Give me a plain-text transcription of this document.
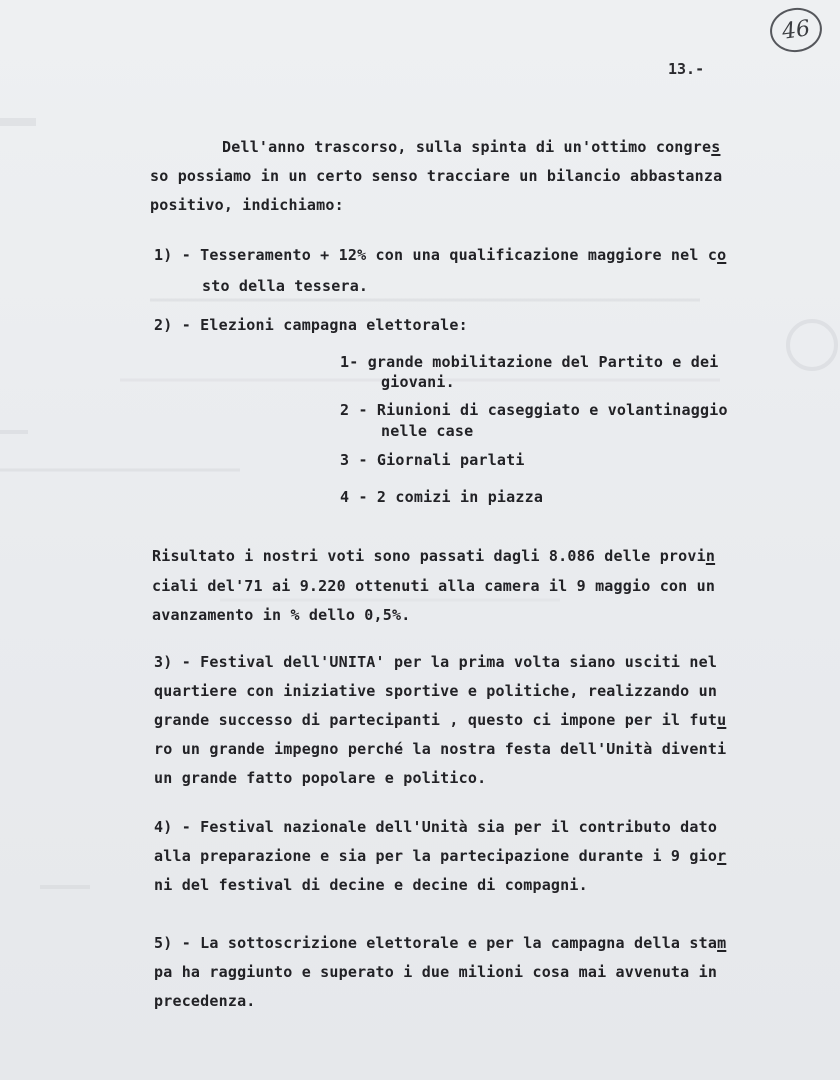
46
13.-
Dell'anno trascorso, sulla spinta di un'ottimo congres
so possiamo in un certo senso tracciare un bilancio abbastanza
positivo, indichiamo:
1) - Tesseramento + 12% con una qualificazione maggiore nel co
sto della tessera.
2) - Elezioni campagna elettorale:
1- grande mobilitazione del Partito e dei
giovani.
2 - Riunioni di caseggiato e volantinaggio
nelle case
3 - Giornali parlati
4 - 2 comizi in piazza
Risultato i nostri voti sono passati dagli 8.086 delle provin
ciali del'71 ai 9.220 ottenuti alla camera il 9 maggio con un
avanzamento in % dello 0,5%.
3) - Festival dell'UNITA' per la prima volta siano usciti nel
quartiere con iniziative sportive e politiche, realizzando un
grande successo di partecipanti , questo ci impone per il futu
ro un grande impegno perché la nostra festa dell'Unità diventi
un grande fatto popolare e politico.
4) - Festival nazionale dell'Unità sia per il contributo dato
alla preparazione e sia per la partecipazione durante i 9 gior
ni del festival di decine e decine di compagni.
5) - La sottoscrizione elettorale e per la campagna della stam
pa ha raggiunto e superato i due milioni cosa mai avvenuta in
precedenza.
